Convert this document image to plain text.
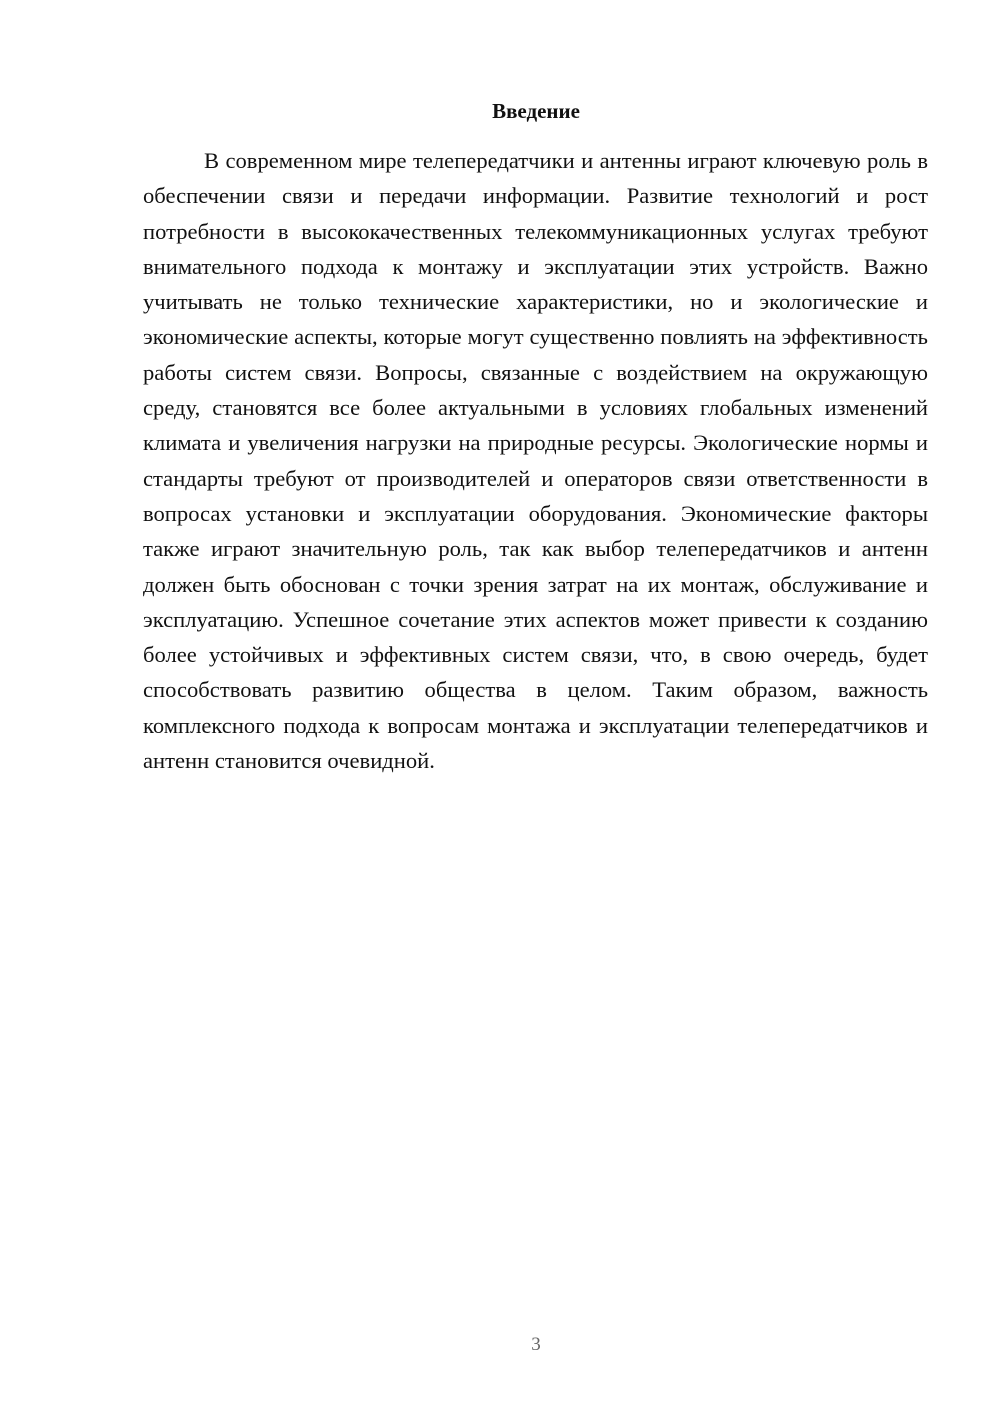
Введение

В современном мире телепередатчики и антенны играют ключевую роль в обеспечении связи и передачи информации. Развитие технологий и рост потребности в высококачественных телекоммуникационных услугах требуют внимательного подхода к монтажу и эксплуатации этих устройств. Важно учитывать не только технические характеристики, но и экологические и экономические аспекты, которые могут существенно повлиять на эффективность работы систем связи. Вопросы, связанные с воздействием на окружающую среду, становятся все более актуальными в условиях глобальных изменений климата и увеличения нагрузки на природные ресурсы. Экологические нормы и стандарты требуют от производителей и операторов связи ответственности в вопросах установки и эксплуатации оборудования. Экономические факторы также играют значительную роль, так как выбор телепередатчиков и антенн должен быть обоснован с точки зрения затрат на их монтаж, обслуживание и эксплуатацию. Успешное сочетание этих аспектов может привести к созданию более устойчивых и эффективных систем связи, что, в свою очередь, будет способствовать развитию общества в целом. Таким образом, важность комплексного подхода к вопросам монтажа и эксплуатации телепередатчиков и антенн становится очевидной.

3
